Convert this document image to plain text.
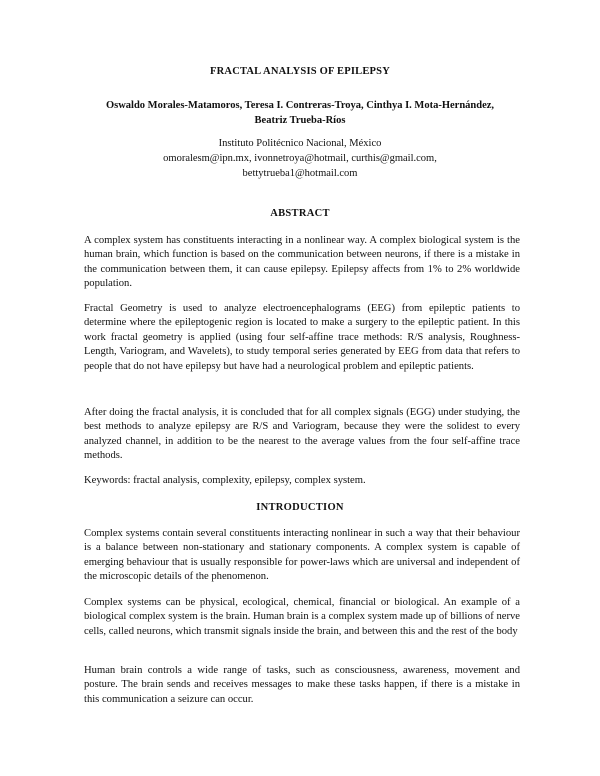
FRACTAL ANALYSIS OF EPILEPSY
Oswaldo Morales-Matamoros, Teresa I. Contreras-Troya, Cinthya I. Mota-Hernández, Beatriz Trueba-Ríos
Instituto Politécnico Nacional, México
omoralesm@ipn.mx, ivonnetroya@hotmail, curthis@gmail.com,
bettytrueba1@hotmail.com
ABSTRACT
A complex system has constituents interacting in a nonlinear way. A complex biological system is the human brain, which function is based on the communication between neurons, if there is a mistake in the communication between them, it can cause epilepsy. Epilepsy affects from 1% to 2% worldwide population.
Fractal Geometry is used to analyze electroencephalograms (EEG) from epileptic patients to determine where the epileptogenic region is located to make a surgery to the epileptic patient. In this work fractal geometry is applied (using four self-affine trace methods: R/S analysis, Roughness-Length, Variogram, and Wavelets), to study temporal series generated by EEG from data that refers to people that do not have epilepsy but have had a neurological problem and epileptic patients.
After doing the fractal analysis, it is concluded that for all complex signals (EGG) under studying, the best methods to analyze epilepsy are R/S and Variogram, because they were the solidest to every analyzed channel, in addition to be the nearest to the average values from the four self-affine trace methods.
Keywords: fractal analysis, complexity, epilepsy, complex system.
INTRODUCTION
Complex systems contain several constituents interacting nonlinear in such a way that their behaviour is a balance between non-stationary and stationary components. A complex system is capable of emerging behaviour that is usually responsible for power-laws which are universal and independent of the microscopic details of the phenomenon.
Complex systems can be physical, ecological, chemical, financial or biological. An example of a biological complex system is the brain. Human brain is a complex system made up of billions of nerve cells, called neurons, which transmit signals inside the brain, and between this and the rest of the body
Human brain controls a wide range of tasks, such as consciousness, awareness, movement and posture. The brain sends and receives messages to make these tasks happen, if there is a mistake in this communication a seizure can occur.
